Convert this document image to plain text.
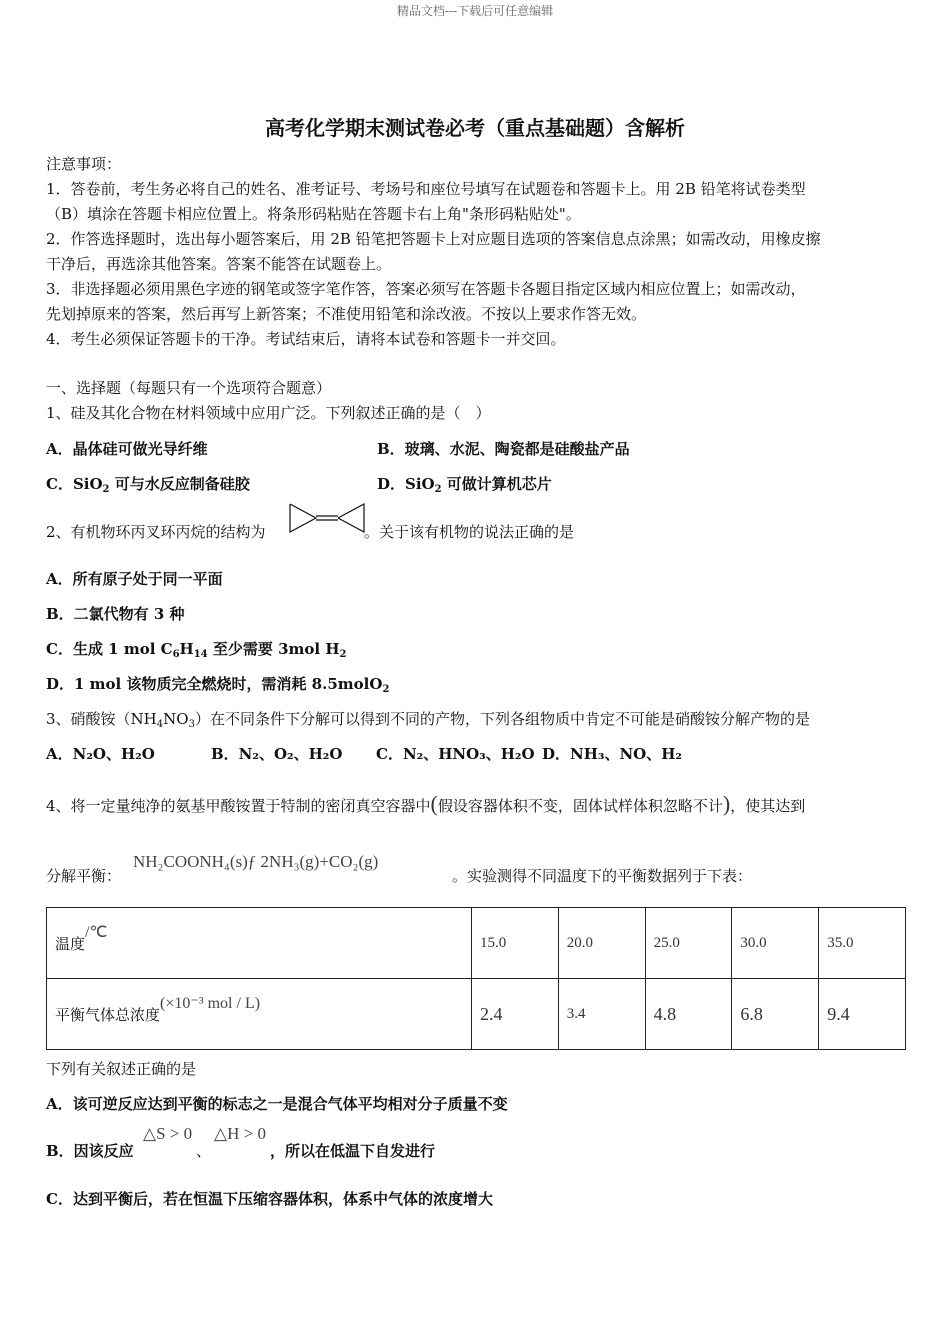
精品文档---下载后可任意编辑
高考化学期末测试卷必考（重点基础题）含解析
注意事项：
1．答卷前，考生务必将自己的姓名、准考证号、考场号和座位号填写在试题卷和答题卡上。用 2B 铅笔将试卷类型
（B）填涂在答题卡相应位置上。将条形码粘贴在答题卡右上角"条形码粘贴处"。
2．作答选择题时，选出每小题答案后，用 2B 铅笔把答题卡上对应题目选项的答案信息点涂黑；如需改动，用橡皮擦
干净后，再选涂其他答案。答案不能答在试题卷上。
3．非选择题必须用黑色字迹的钢笔或签字笔作答，答案必须写在答题卡各题目指定区域内相应位置上；如需改动，
先划掉原来的答案，然后再写上新答案；不准使用铅笔和涂改液。不按以上要求作答无效。
4．考生必须保证答题卡的干净。考试结束后，请将本试卷和答题卡一并交回。
一、选择题（每题只有一个选项符合题意）
1、硅及其化合物在材料领域中应用广泛。下列叙述正确的是（　）
A．晶体硅可做光导纤维	B．玻璃、水泥、陶瓷都是硅酸盐产品
C．SiO$_2$ 可与水反应制备硅胶	D．SiO$_2$ 可做计算机芯片
2、有机物环丙叉环丙烷的结构为	。关于该有机物的说法正确的是
A．所有原子处于同一平面
B．二氯代物有 3 种
C．生成 1 mol $C_6H_{14}$ 至少需要 3mol $H_2$
D．1 mol 该物质完全燃烧时，需消耗 8.5molO$_2$
3、硝酸铵$(NH_4NO_3)$在不同条件下分解可以得到不同的产物，下列各组物质中肯定不可能是硝酸铵分解产物的是
A．N₂O、H₂O	B．N₂、O₂、H₂O C．N₂、HNO₃、H₂O D．NH₃、NO、H₂
4、将一定量纯净的氨基甲酸铵置于特制的密闭真空容器中(假设容器体积不变，固体试样体积忽略不计)，使其达到
分解平衡：
NH₂COONH₄(s)ƒ 2NH₃(g)+CO₂(g)
。实验测得不同温度下的平衡数据列于下表：
温度/℃	15.0	20.0	25.0	30.0	35.0
平衡气体总浓度(×10⁻³ mol / L)	2.4	3.4	4.8	6.8	9.4
下列有关叙述正确的是
A．该可逆反应达到平衡的标志之一是混合气体平均相对分子质量不变
B．因该反应
△S > 0
、
△H > 0
，所以在低温下自发进行
C．达到平衡后，若在恒温下压缩容器体积，体系中气体的浓度增大
